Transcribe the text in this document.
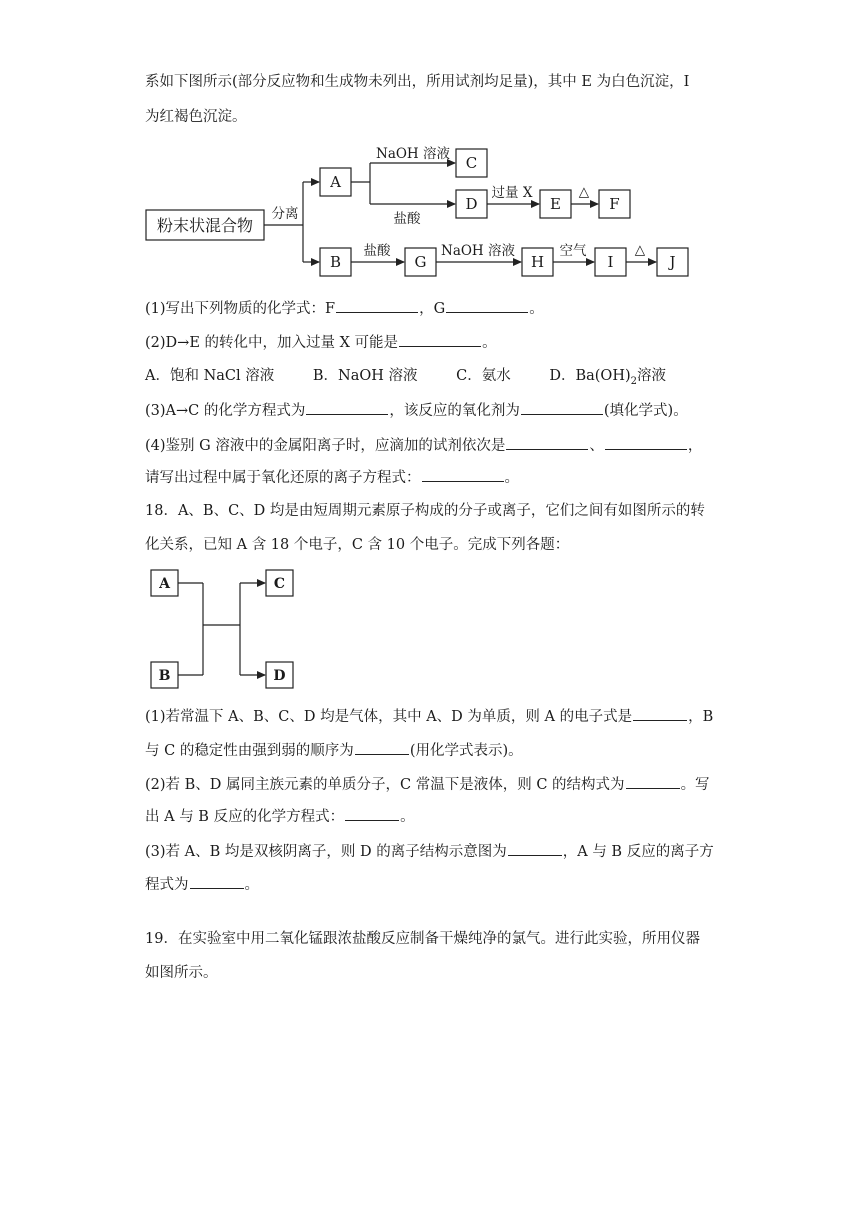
系如下图所示(部分反应物和生成物未列出，所用试剂均足量)，其中 E 为白色沉淀，I
为红褐色沉淀。
粉末状混合物
A
B
C
D	E	F
G	H	I	J
分离
NaOH 溶液
盐酸
过量 X	△
盐酸	NaOH 溶液	空气	△
(1)写出下列物质的化学式：F	，G	。
(2)D→E 的转化中，加入过量 X 可能是	。
A．饱和 NaCl 溶液	B．NaOH 溶液	C．氨水	D．$Ba(OH)_2$溶液
(3)A→C 的化学方程式为	，该反应的氧化剂为	(填化学式)。
(4)鉴别 G 溶液中的金属阳离子时，应滴加的试剂依次是	、	，
请写出过程中属于氧化还原的离子方程式：	。
18．A、B、C、D 均是由短周期元素原子构成的分子或离子，它们之间有如图所示的转
化关系，已知 A 含 18 个电子，C 含 10 个电子。完成下列各题：
A
B
C
D
(1)若常温下 A、B、C、D 均是气体，其中 A、D 为单质，则 A 的电子式是	，B
与 C 的稳定性由强到弱的顺序为	(用化学式表示)。
(2)若 B、D 属同主族元素的单质分子，C 常温下是液体，则 C 的结构式为	。写
出 A 与 B 反应的化学方程式：	。
(3)若 A、B 均是双核阴离子，则 D 的离子结构示意图为	，A 与 B 反应的离子方
程式为	。
19．在实验室中用二氧化锰跟浓盐酸反应制备干燥纯净的氯气。进行此实验，所用仪器
如图所示。
